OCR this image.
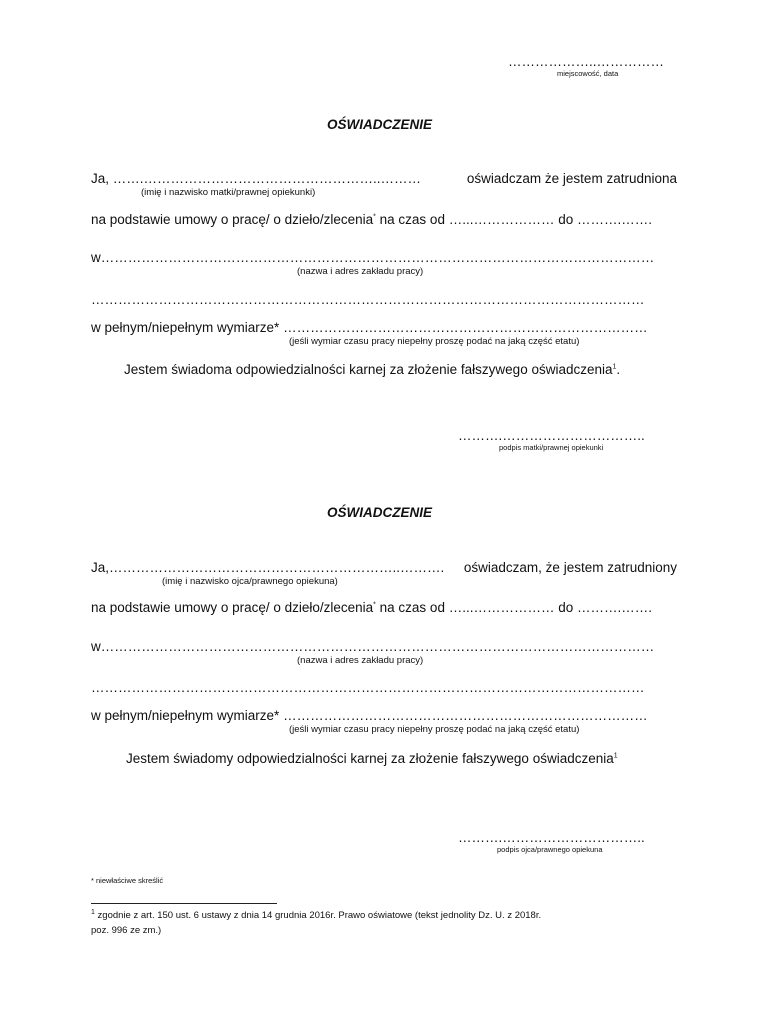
………………..……………
miejscowość, data
OŚWIADCZENIE
Ja, …….……………………………………………..………	oświadczam że jestem zatrudniona
(imię i nazwisko matki/prawnej opiekunki)
na podstawie umowy o pracę/ o dzieło/zlecenia* na czas od …...……………… do ……….…….
w……………………………………………………………………………………………………………
(nazwa i adres zakładu pracy)
……………………………………………………………………………………………………………
w pełnym/niepełnym wymiarze* ………………………………………………………………………
(jeśli wymiar czasu pracy niepełny proszę podać na jaką część etatu)
Jestem świadoma odpowiedzialności karnej za złożenie fałszywego oświadczenia$^1$.
……….…………………………..
podpis matki/prawnej opiekunki
OŚWIADCZENIE
Ja,………………………………………………………..………. oświadczam, że jestem zatrudniony
(imię i nazwisko ojca/prawnego opiekuna)
na podstawie umowy o pracę/ o dzieło/zlecenia* na czas od …...……………… do ……….…….
w……………………………………………………………………………………………………………
(nazwa i adres zakładu pracy)
……………………………………………………………………………………………………………
w pełnym/niepełnym wymiarze* ………………………………………………………………………
(jeśli wymiar czasu pracy niepełny proszę podać na jaką część etatu)
Jestem świadomy odpowiedzialności karnej za złożenie fałszywego oświadczenia$^1$
……….…………………………..
podpis ojca/prawnego opiekuna
* niewłaściwe skreślić
$^1$ zgodnie z art. 150 ust. 6 ustawy z dnia 14 grudnia 2016r. Prawo oświatowe (tekst jednolity Dz. U. z 2018r.
poz. 996 ze zm.)
